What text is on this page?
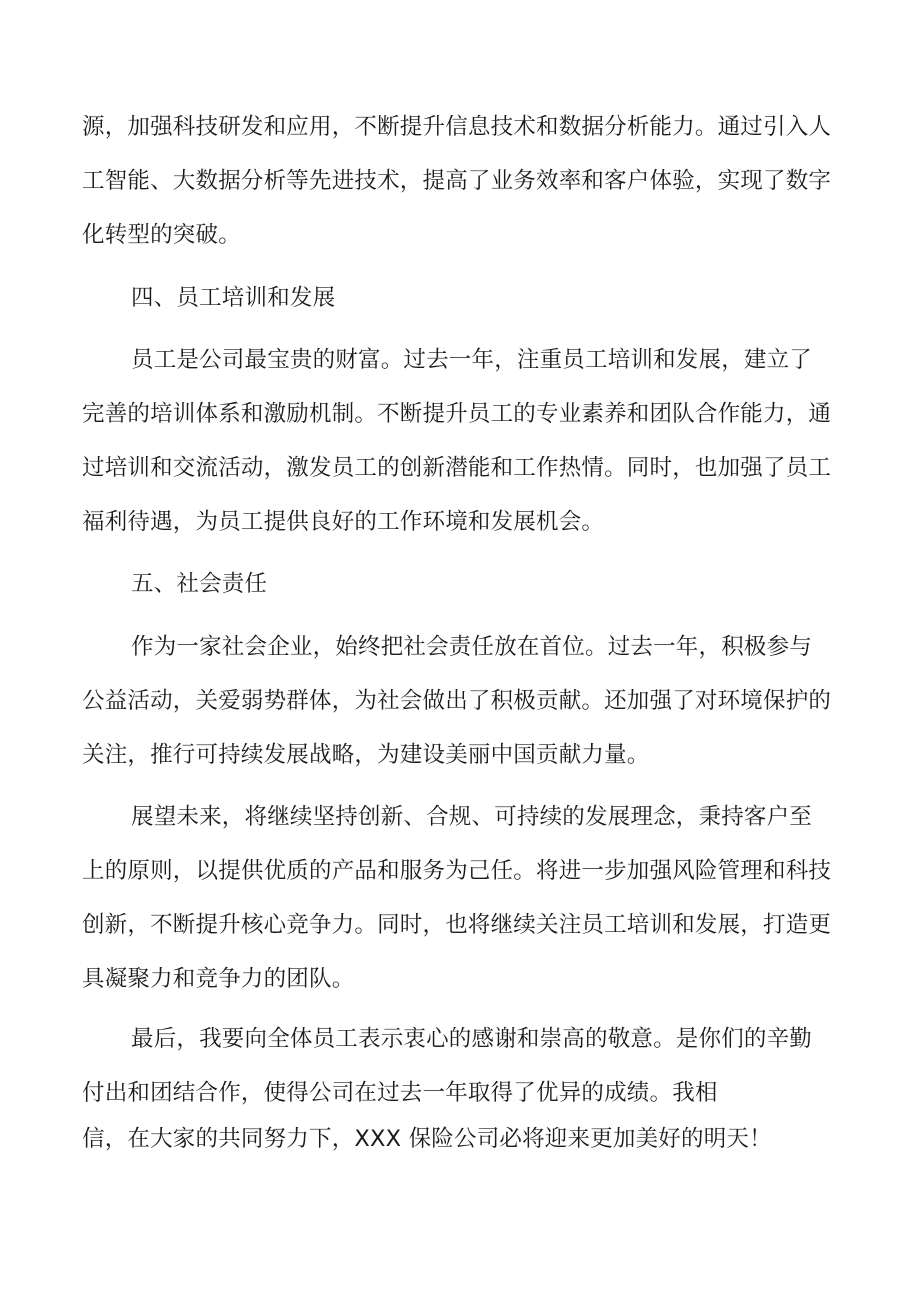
源，加强科技研发和应用，不断提升信息技术和数据分析能力。通过引入人
工智能、大数据分析等先进技术，提高了业务效率和客户体验，实现了数字
化转型的突破。
四、员工培训和发展
员工是公司最宝贵的财富。过去一年，注重员工培训和发展，建立了
完善的培训体系和激励机制。不断提升员工的专业素养和团队合作能力，通
过培训和交流活动，激发员工的创新潜能和工作热情。同时，也加强了员工
福利待遇，为员工提供良好的工作环境和发展机会。
五、社会责任
作为一家社会企业，始终把社会责任放在首位。过去一年，积极参与
公益活动，关爱弱势群体，为社会做出了积极贡献。还加强了对环境保护的
关注，推行可持续发展战略，为建设美丽中国贡献力量。
展望未来，将继续坚持创新、合规、可持续的发展理念，秉持客户至
上的原则，以提供优质的产品和服务为己任。将进一步加强风险管理和科技
创新，不断提升核心竞争力。同时，也将继续关注员工培训和发展，打造更
具凝聚力和竞争力的团队。
最后，我要向全体员工表示衷心的感谢和崇高的敬意。是你们的辛勤
付出和团结合作，使得公司在过去一年取得了优异的成绩。我相
信，在大家的共同努力下，XXX 保险公司必将迎来更加美好的明天！
